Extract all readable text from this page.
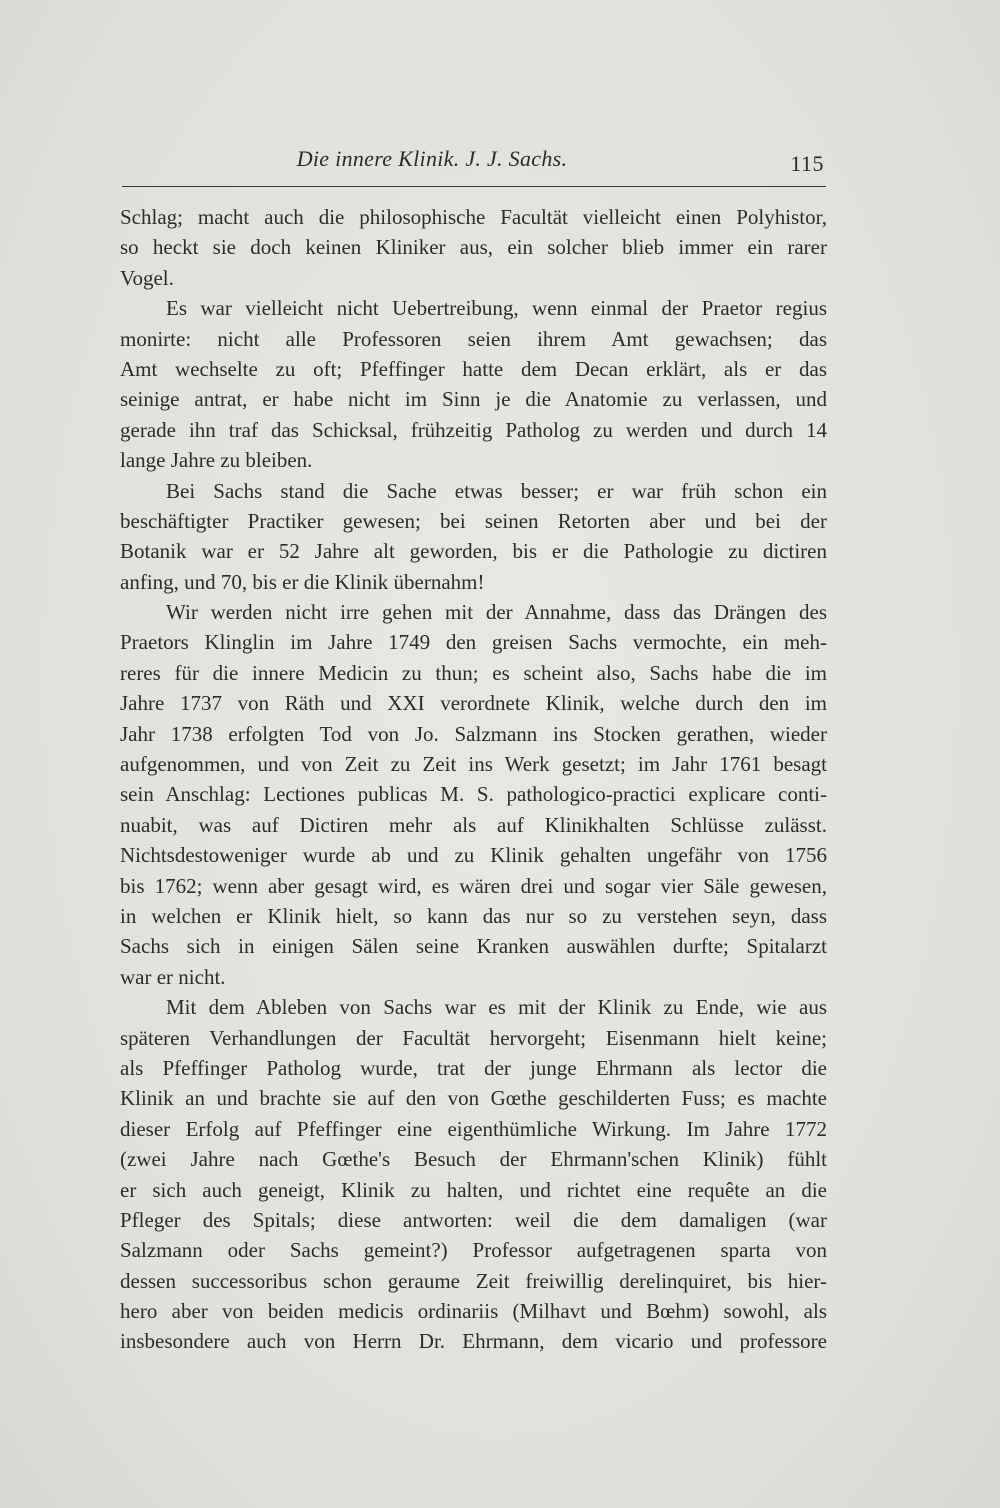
Die innere Klinik. J. J. Sachs.	115
Schlag; macht auch die philosophische Facultät vielleicht einen Polyhistor,
so heckt sie doch keinen Kliniker aus, ein solcher blieb immer ein rarer
Vogel.
Es war vielleicht nicht Uebertreibung, wenn einmal der Praetor regius
monirte: nicht alle Professoren seien ihrem Amt gewachsen; das
Amt wechselte zu oft; Pfeffinger hatte dem Decan erklärt, als er das
seinige antrat, er habe nicht im Sinn je die Anatomie zu verlassen, und
gerade ihn traf das Schicksal, frühzeitig Patholog zu werden und durch 14
lange Jahre zu bleiben.
Bei Sachs stand die Sache etwas besser; er war früh schon ein
beschäftigter Practiker gewesen; bei seinen Retorten aber und bei der
Botanik war er 52 Jahre alt geworden, bis er die Pathologie zu dictiren
anfing, und 70, bis er die Klinik übernahm!
Wir werden nicht irre gehen mit der Annahme, dass das Drängen des
Praetors Klinglin im Jahre 1749 den greisen Sachs vermochte, ein meh-
reres für die innere Medicin zu thun; es scheint also, Sachs habe die im
Jahre 1737 von Räth und XXI verordnete Klinik, welche durch den im
Jahr 1738 erfolgten Tod von Jo. Salzmann ins Stocken gerathen, wieder
aufgenommen, und von Zeit zu Zeit ins Werk gesetzt; im Jahr 1761 besagt
sein Anschlag: Lectiones publicas M. S. pathologico-practici explicare conti-
nuabit, was auf Dictiren mehr als auf Klinikhalten Schlüsse zulässt.
Nichtsdestoweniger wurde ab und zu Klinik gehalten ungefähr von 1756
bis 1762; wenn aber gesagt wird, es wären drei und sogar vier Säle gewesen,
in welchen er Klinik hielt, so kann das nur so zu verstehen seyn, dass
Sachs sich in einigen Sälen seine Kranken auswählen durfte; Spitalarzt
war er nicht.
Mit dem Ableben von Sachs war es mit der Klinik zu Ende, wie aus
späteren Verhandlungen der Facultät hervorgeht; Eisenmann hielt keine;
als Pfeffinger Patholog wurde, trat der junge Ehrmann als lector die
Klinik an und brachte sie auf den von Gœthe geschilderten Fuss; es machte
dieser Erfolg auf Pfeffinger eine eigenthümliche Wirkung. Im Jahre 1772
(zwei Jahre nach Gœthe's Besuch der Ehrmann'schen Klinik) fühlt
er sich auch geneigt, Klinik zu halten, und richtet eine requête an die
Pfleger des Spitals; diese antworten: weil die dem damaligen (war
Salzmann oder Sachs gemeint?) Professor aufgetragenen sparta von
dessen successoribus schon geraume Zeit freiwillig derelinquiret, bis hier-
hero aber von beiden medicis ordinariis (Milhavt und Bœhm) sowohl, als
insbesondere auch von Herrn Dr. Ehrmann, dem vicario und professore
